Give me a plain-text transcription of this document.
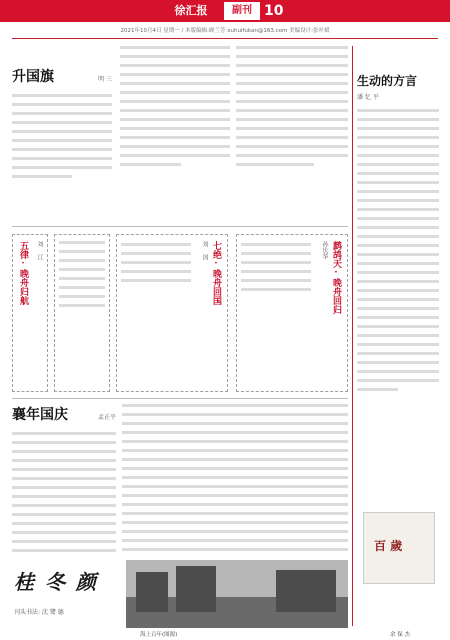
徐汇报	副刊 10
2021年10月4日 星期一 / 本版编辑:顾兰芳 xuhuifukan@163.com 美编设计:张叶斌
升国旗	明 三	生动的方言
潘 忆 平
百 歲
五律·晚舟归航	刘 江	七绝·晚舟回国
刘 国	鹧鸪天·晚舟回归
孙庆华
襄年国庆	孟正平
桂 冬 颜
刊头书法: 沈 鹭 德
海上百年(图源)	余 保 杰
